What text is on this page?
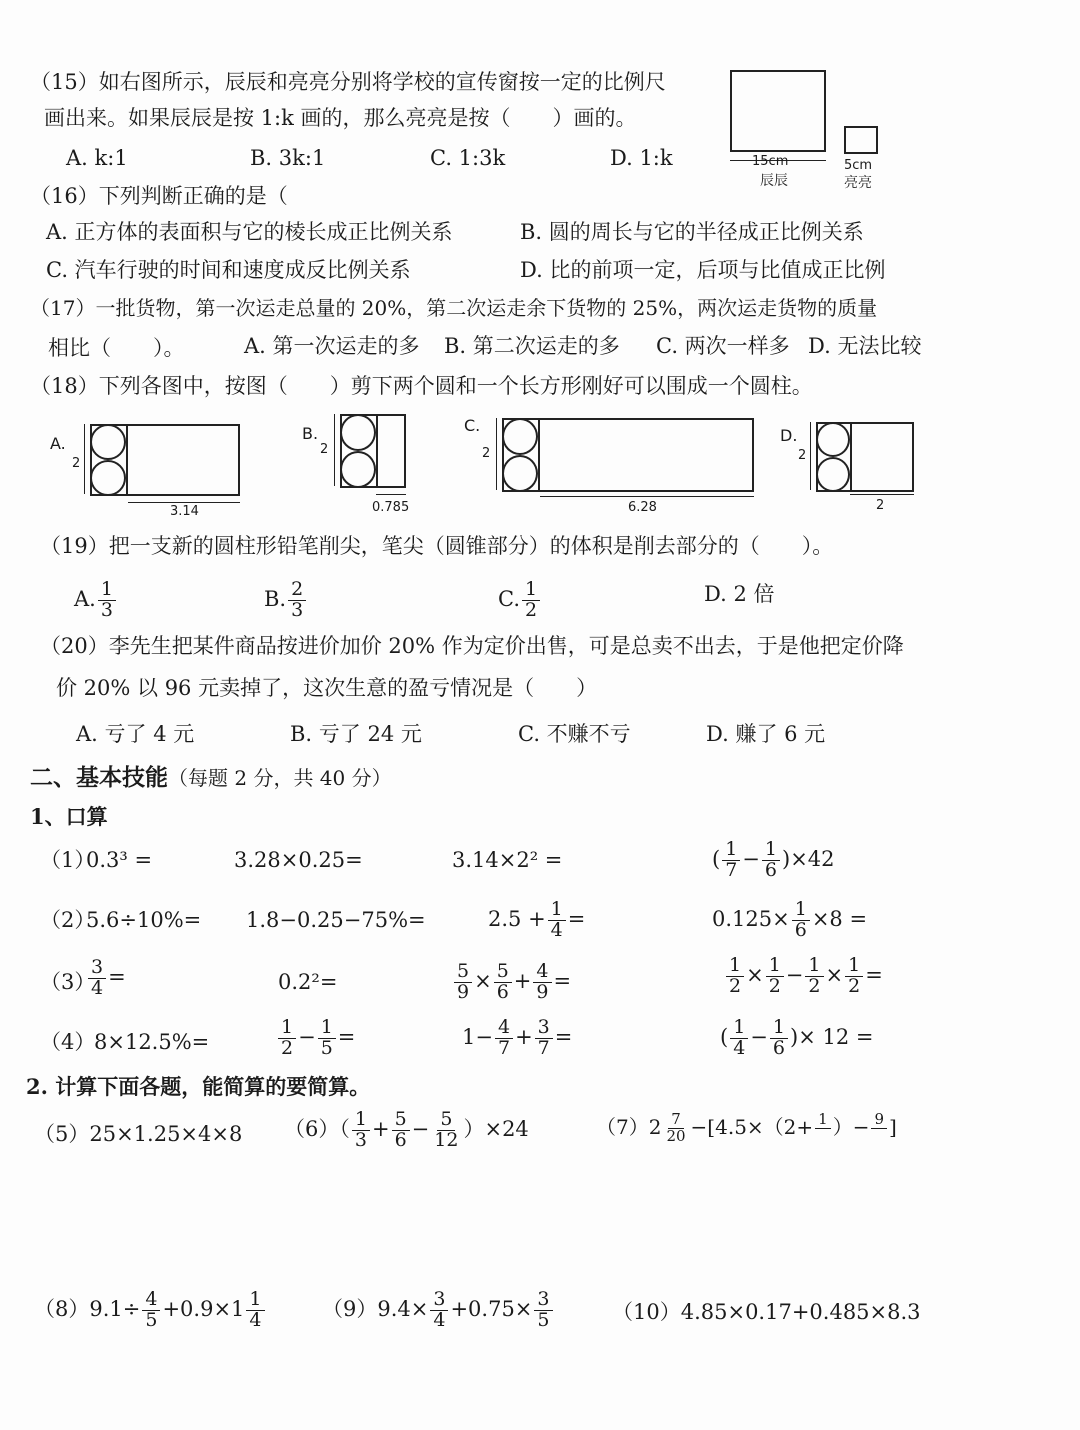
（15）如右图所示，辰辰和亮亮分别将学校的宣传窗按一定的比例尺
画出来。如果辰辰是按 1:k 画的，那么亮亮是按（　　）画的。
A. k:1	B. 3k:1	C. 1:3k	D. 1:k	15cm
辰辰
5cm
亮亮
（16）下列判断正确的是（
A. 正方体的表面积与它的棱长成正比例关系	B. 圆的周长与它的半径成正比例关系
C. 汽车行驶的时间和速度成反比例关系	D. 比的前项一定，后项与比值成正比例
（17）一批货物，第一次运走总量的 20%，第二次运走余下货物的 25%，两次运走货物的质量
相比（　　）。	A. 第一次运走的多 B. 第二次运走的多 C. 两次一样多 D. 无法比较
（18）下列各图中，按图（　　）剪下两个圆和一个长方形刚好可以围成一个圆柱。
A.
2
3.14
B.
2
0.785
C.
2
6.28
D.
2
2
（19）把一支新的圆柱形铅笔削尖，笔尖（圆锥部分）的体积是削去部分的（　　）。
A. $\frac{1}{3}$	B. $\frac{2}{3}$	C. $\frac{1}{2}$	D. 2 倍
（20）李先生把某件商品按进价加价 20% 作为定价出售，可是总卖不出去，于是他把定价降
价 20% 以 96 元卖掉了，这次生意的盈亏情况是（　　）
A. 亏了 4 元	B. 亏了 24 元	C. 不赚不亏	D. 赚了 6 元
二、基本技能（每题 2 分，共 40 分）
1、口算
（1）
0.3³ =	3.28×0.25=	3.14×2² =	( $\frac{1}{7} - \frac{1}{6} )\times 42$
（2）
5.6÷10%= 1.8−0.25−75%=	$2.5 + \frac{1}{4}$ =	$0.125\times \frac{1}{6} \times 8$ =
（3）
$\frac{3}{4}$ =	0.2²=	$\frac{5}{9} \times \frac{5}{6} + \frac{4}{9}$ =	$\frac{1}{2} \times \frac{1}{2} - \frac{1}{2} \times \frac{1}{2}$ =
（4）
8×12.5%=	$\frac{1}{2} - \frac{1}{5}$ =	$1- \frac{4}{7} + \frac{3}{7}$ =	( $\frac{1}{4} - \frac{1}{6}$ )× 12 =
2. 计算下面各题，能简算的要简算。
（5）25×1.25×4×8 $(6)( \frac{1}{3} + \frac{5}{6} - \frac{5}{12} )\times 24$	$(7)2 \frac{7}{20} -[4.5\times(2+ 1$
）− 9
]
$(8)9.1\div \frac{4}{5} +0.9\times 1 \frac{1}{4}$	$(9)9.4\times \frac{3}{4} +0.75\times \frac{3}{5}$	（10）4.85×0.17+0.485×8.3
